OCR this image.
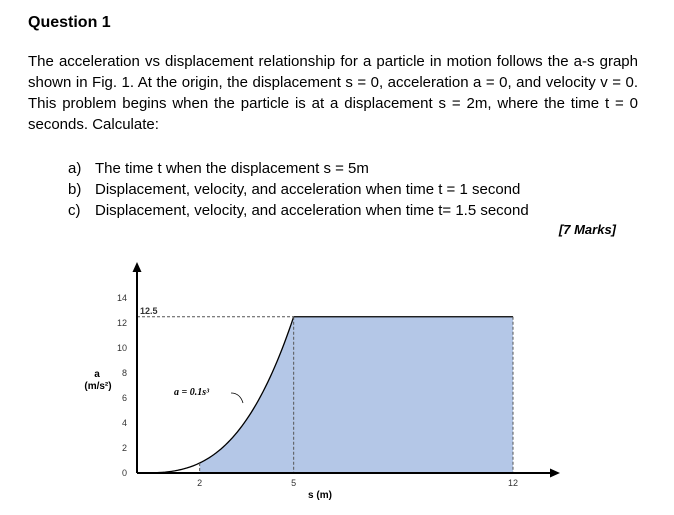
Question 1

The acceleration vs displacement relationship for a particle in motion follows the a-s graph shown in Fig. 1. At the origin, the displacement s = 0, acceleration a = 0, and velocity v = 0. This problem begins when the particle is at a displacement s = 2m, where the time t = 0 seconds. Calculate:

a) The time t when the displacement s = 5m
b) Displacement, velocity, and acceleration when time t = 1 second
c) Displacement, velocity, and acceleration when time t= 1.5 second

[7 Marks]

0
2
4
6
8
10
12
14
2	5	12
a
(m/s²)
s (m)
12.5
a = 0.1s³
